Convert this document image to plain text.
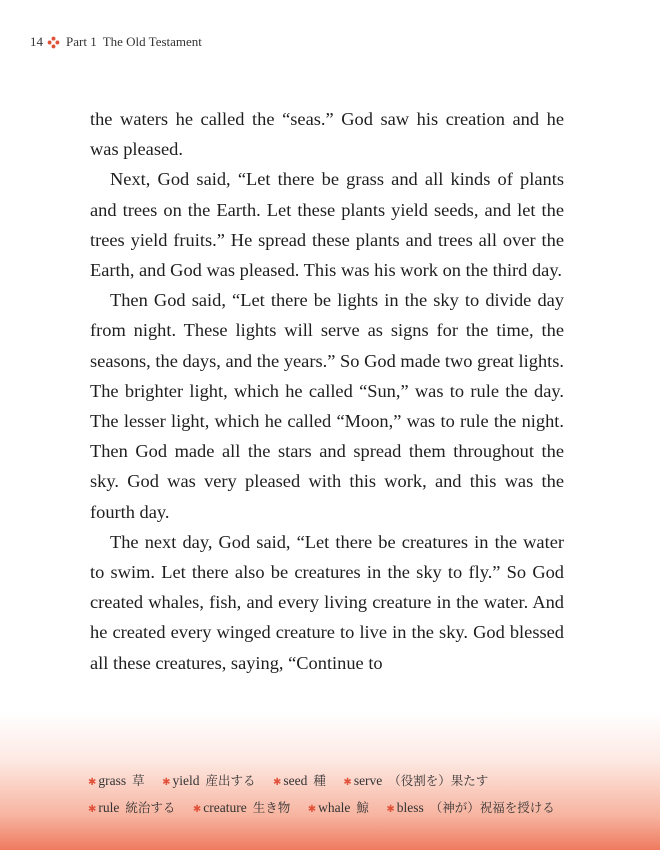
14 Part 1 The Old Testament

the waters he called the “seas.” God saw his creation and he was pleased.

Next, God said, “Let there be grass and all kinds of plants and trees on the Earth. Let these plants yield seeds, and let the trees yield fruits.” He spread these plants and trees all over the Earth, and God was pleased. This was his work on the third day.

Then God said, “Let there be lights in the sky to divide day from night. These lights will serve as signs for the time, the seasons, the days, and the years.” So God made two great lights. The brighter light, which he called “Sun,” was to rule the day. The lesser light, which he called “Moon,” was to rule the night. Then God made all the stars and spread them throughout the sky. God was very pleased with this work, and this was the fourth day.

The next day, God said, “Let there be creatures in the water to swim. Let there also be creatures in the sky to fly.” So God created whales, fish, and every living creature in the water. And he created every winged creature to live in the sky. God blessed all these creatures, saying, “Continue to

✱ grass 草 ✱ yield 産出する ✱ seed 種 ✱ serve （役割を）果たす
✱ rule 統治する ✱ creature 生き物 ✱ whale 鯨 ✱ bless （神が）祝福を授ける
